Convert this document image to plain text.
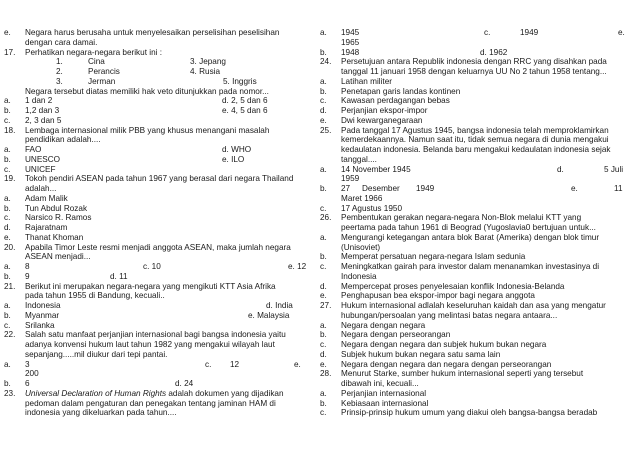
e. Negara harus berusaha untuk menyelesaikan perselisihan peselisihan
dengan cara damai.
17. Perhatikan negara-negara berikut ini :
1.	Cina	3. Jepang
2.	Perancis	4. Rusia
3.	Jerman	5. Inggris
Negara tersebut diatas memiliki hak veto ditunjukkan pada nomor...
a. 1 dan 2	d. 2, 5 dan 6
b. 1,2 dan 3	e. 4, 5 dan 6
c. 2, 3 dan 5
18. Lembaga internasional milik PBB yang khusus menangani masalah
pendidikan adalah....
a. FAO	d. WHO
b. UNESCO	e. ILO
c. UNICEF
19. Tokoh pendiri ASEAN pada tahun 1967 yang berasal dari negara Thailand
adalah...
a. Adam Malik
b. Tun Abdul Rozak
c. Narsico R. Ramos
d. Rajaratnam
e. Thanat Khoman
20. Apabila Timor Leste resmi menjadi anggota ASEAN, maka jumlah negara
ASEAN menjadi...
a. 8	c. 10	e. 12
b. 9	d. 11
21. Berikut ini merupakan negara-negara yang mengikuti KTT Asia Afrika
pada tahun 1955 di Bandung, kecuali..
a. Indonesia	d. India
b. Myanmar	e. Malaysia
c. Srilanka
22. Salah satu manfaat perjanjian internasional bagi bangsa indonesia yaitu
adanya konvensi hukum laut tahun 1982 yang mengakui wilayah laut
sepanjang.....mil diukur dari tepi pantai.
a. 3	c. 12	e.
200
b. 6	d. 24
23. Universal Declaration of Human Rights adalah dokumen yang dijadikan
pedoman dalam pengaturan dan penegakan tentang jaminan HAM di
indonesia yang dikeluarkan pada tahun....
a. 1945	c.	1949	e.
1965
b. 1948	d. 1962
24. Persetujuan antara Republik indonesia dengan RRC yang disahkan pada
tanggal 11 januari 1958 dengan keluarnya UU No 2 tahun 1958 tentang...
a. Latihan militer
b. Penetapan garis landas kontinen
c. Kawasan perdagangan bebas
d. Perjanjian ekspor-impor
e. Dwi kewarganegaraan
25. Pada tanggal 17 Agustus 1945, bangsa indonesia telah memproklamirkan
kemerdekaannya. Namun saat itu, tidak semua negara di dunia mengakui
kedaulatan indonesia. Belanda baru mengakui kedaulatan indonesia sejak
tanggal....
a. 14 November 1945	d.	5 Juli
1959
b. 27 Desember 1949	e.	11
Maret 1966
c. 17 Agustus 1950
26. Pembentukan gerakan negara-negara Non-Blok melalui KTT yang
peertama pada tahun 1961 di Beograd (Yugoslavia0 bertujuan untuk...
a. Mengurangi ketegangan antara blok Barat (Amerika) dengan blok timur
(Unisoviet)
b. Memperat persatuan negara-negara Islam sedunia
c. Meningkatkan gairah para investor dalam menanamkan investasinya di
Indonesia
d. Mempercepat proses penyelesaian konflik Indonesia-Belanda
e. Penghapusan bea ekspor-impor bagi negara anggota
27. Hukum internasional adlalah keseluruhan kaidah dan asa yang mengatur
hubungan/persoalan yang melintasi batas negara antaara...
a. Negara dengan negara
b. Negara dengan perseorangan
c. Negara dengan negara dan subjek hukum bukan negara
d. Subjek hukum bukan negara satu sama lain
e. Negara dengan negara dan negara dengan perseorangan
28. Menurut Starke, sumber hukum internasional seperti yang tersebut
dibawah ini, kecuali...
a. Perjanjian internasional
b. Kebiasaan internasional
c. Prinsip-prinsip hukum umum yang diakui oleh bangsa-bangsa beradab
